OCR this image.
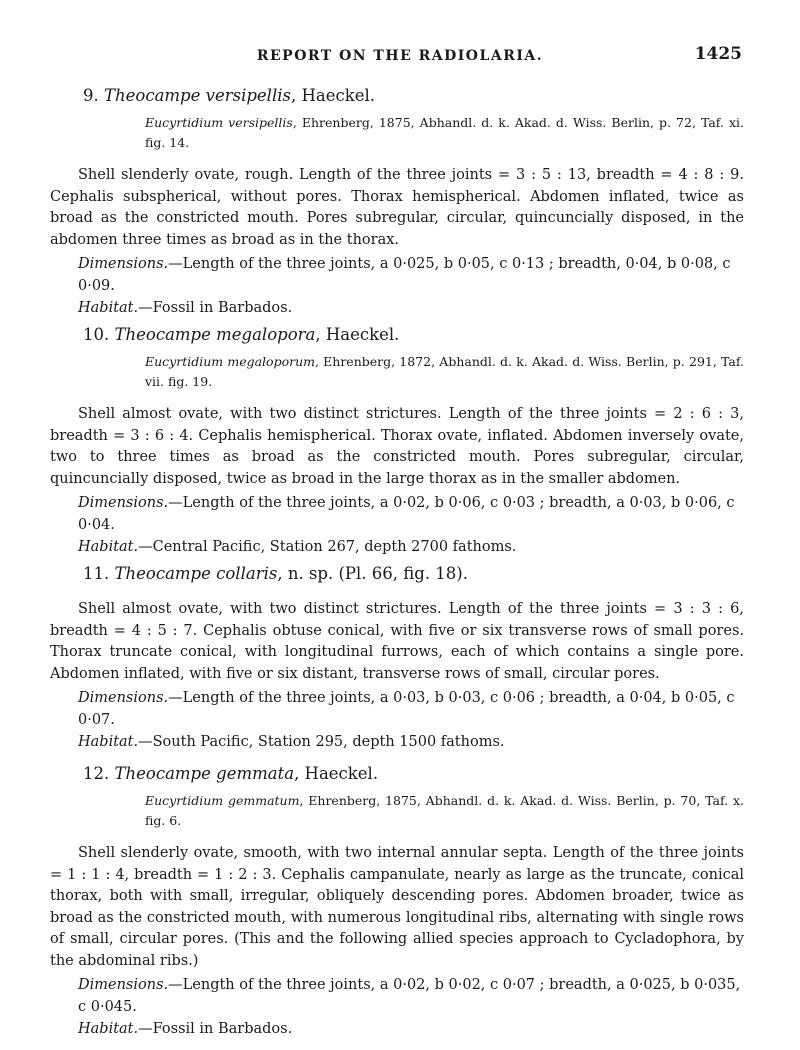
REPORT ON THE RADIOLARIA.	1425

9. Theocampe versipellis, Haeckel.

Eucyrtidium versipellis, Ehrenberg, 1875, Abhandl. d. k. Akad. d. Wiss. Berlin, p. 72, Taf. xi. fig. 14.

Shell slenderly ovate, rough. Length of the three joints = 3 : 5 : 13, breadth = 4 : 8 : 9. Cephalis subspherical, without pores. Thorax hemispherical. Abdomen inflated, twice as broad as the constricted mouth. Pores subregular, circular, quincuncially disposed, in the abdomen three times as broad as in the thorax.

Dimensions.—Length of the three joints, a 0·025, b 0·05, c 0·13 ; breadth, 0·04, b 0·08, c 0·09.

Habitat.—Fossil in Barbados.

10. Theocampe megalopora, Haeckel.

Eucyrtidium megaloporum, Ehrenberg, 1872, Abhandl. d. k. Akad. d. Wiss. Berlin, p. 291, Taf. vii. fig. 19.

Shell almost ovate, with two distinct strictures. Length of the three joints = 2 : 6 : 3, breadth = 3 : 6 : 4. Cephalis hemispherical. Thorax ovate, inflated. Abdomen inversely ovate, two to three times as broad as the constricted mouth. Pores subregular, circular, quincuncially disposed, twice as broad in the large thorax as in the smaller abdomen.

Dimensions.—Length of the three joints, a 0·02, b 0·06, c 0·03 ; breadth, a 0·03, b 0·06, c 0·04.

Habitat.—Central Pacific, Station 267, depth 2700 fathoms.

11. Theocampe collaris, n. sp. (Pl. 66, fig. 18).

Shell almost ovate, with two distinct strictures. Length of the three joints = 3 : 3 : 6, breadth = 4 : 5 : 7. Cephalis obtuse conical, with five or six transverse rows of small pores. Thorax truncate conical, with longitudinal furrows, each of which contains a single pore. Abdomen inflated, with five or six distant, transverse rows of small, circular pores.

Dimensions.—Length of the three joints, a 0·03, b 0·03, c 0·06 ; breadth, a 0·04, b 0·05, c 0·07.

Habitat.—South Pacific, Station 295, depth 1500 fathoms.

12. Theocampe gemmata, Haeckel.

Eucyrtidium gemmatum, Ehrenberg, 1875, Abhandl. d. k. Akad. d. Wiss. Berlin, p. 70, Taf. x. fig. 6.

Shell slenderly ovate, smooth, with two internal annular septa. Length of the three joints = 1 : 1 : 4, breadth = 1 : 2 : 3. Cephalis campanulate, nearly as large as the truncate, conical thorax, both with small, irregular, obliquely descending pores. Abdomen broader, twice as broad as the constricted mouth, with numerous longitudinal ribs, alternating with single rows of small, circular pores. (This and the following allied species approach to Cycladophora, by the abdominal ribs.)

Dimensions.—Length of the three joints, a 0·02, b 0·02, c 0·07 ; breadth, a 0·025, b 0·035, c 0·045.

Habitat.—Fossil in Barbados.
